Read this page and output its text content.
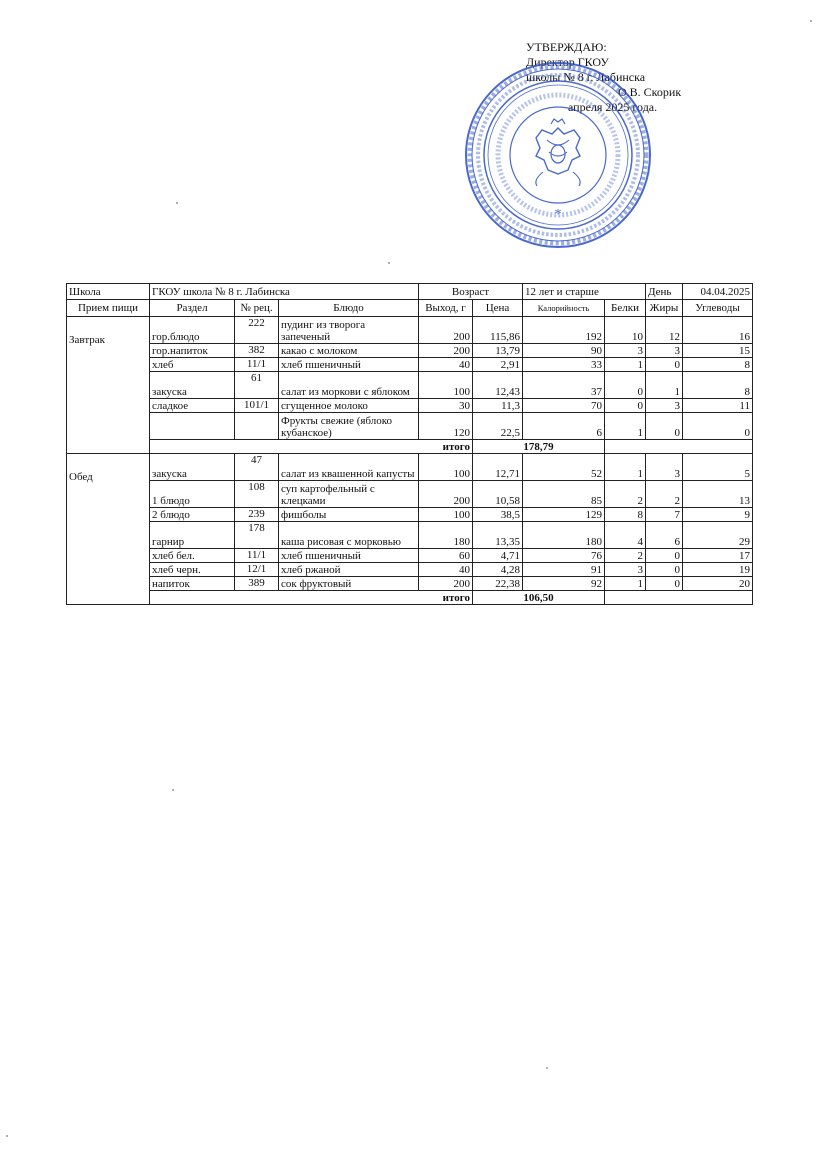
УТВЕРЖДАЮ:
Директор ГКОУ
школы № 8 г. Лабинска
О.В. Скорик
апреля 2025 года.
*
Школа	ГКОУ школа № 8 г. Лабинска			Возраст		12 лет и старше		День	04.04.2025
Прием пищи	Раздел	№ рец.	Блюдо	Выход, г	Цена	Калорийность	Белки	Жиры	Углеводы
Завтрак	гор.блюдо	222	пудинг из творога запеченый	200	115,86	192	10	12	16
	гор.напиток	382	какао с молоком	200	13,79	90	3	3	15
	хлеб	11/1	хлеб пшеничный	40	2,91	33	1	0	8
	закуска	61	салат из моркови с яблоком	100	12,43	37	0	1	8
	сладкое	101/1	сгущенное молоко	30	11,3	70	0	3	11
			Фрукты свежие (яблоко кубанское)	120	22,5	6	1	0	0
	итого				178,79				
Обед	закуска	47	салат из квашенной капусты	100	12,71	52	1	3	5
	1 блюдо	108	суп картофельный с клецками	200	10,58	85	2	2	13
	2 блюдо	239	фишболы	100	38,5	129	8	7	9
	гарнир	178	каша рисовая с морковью	180	13,35	180	4	6	29
	хлеб бел.	11/1	хлеб пшеничный	60	4,71	76	2	0	17
	хлеб черн.	12/1	хлеб ржаной	40	4,28	91	3	0	19
	напиток	389	сок фруктовый	200	22,38	92	1	0	20
	итого				106,50				
